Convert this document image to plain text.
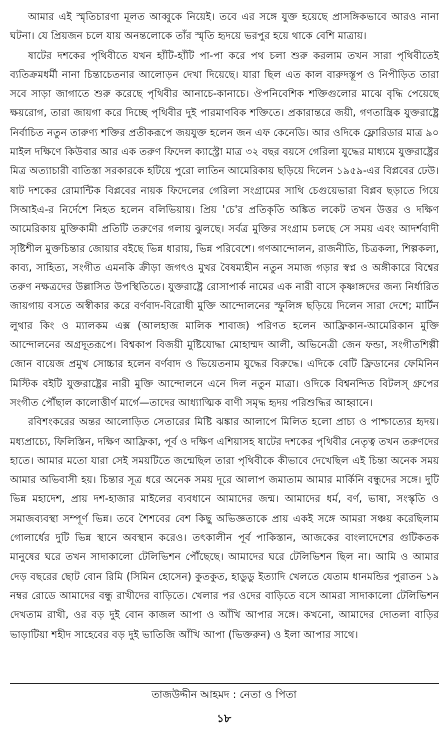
আমার এই স্মৃতিচারণা মূলত আব্বুকে নিয়েই। তবে এর সঙ্গে যুক্ত হয়েছে প্রাসঙ্গিকভাবে আরও নানা ঘটনা। যে প্রিয়জন চলে যায় অনন্তলোকে তাঁর স্মৃতি হৃদয়ে ভরপুর হয়ে থাকে বেশি মাত্রায়।

ষাটের দশকের পৃথিবীতে যখন হাঁটি-হাঁটি পা-পা করে পথ চলা শুরু করলাম তখন সারা পৃথিবীতেই ব্যতিক্রমধর্মী নানা চিন্তাচেতনার আলোড়ন দেখা দিয়েছে। যারা ছিল এত কাল বারুদস্তূপ ও নিপীড়িত তারা সবে সাড়া জাগাতে শুরু করেছে পৃথিবীর আনাচে-কানাচে। ঔপনিবেশিক শক্তিগুলোর মাঝে বৃদ্ধি পেয়েছে ক্ষয়রোগ, তারা জায়গা করে দিচ্ছে পৃথিবীর দুই পারমাণবিক শক্তিতে। প্রকারান্তরে জয়ী, গণতান্ত্রিক যুক্তরাষ্ট্রে নির্বাচিত নতুন তারুণ্য শক্তির প্রতীকরূপে জয়যুক্ত হলেন জন এফ কেনেডি। আর ওদিকে ফ্লোরিডার মাত্র ৯০ মাইল দক্ষিণে কিউবার আর এক তরুণ ফিদেল ক্যাস্ট্রো মাত্র ৩২ বছর বয়সে গেরিলা যুদ্ধের মাধ্যমে যুক্তরাষ্ট্রের মিত্র অত্যাচারী বাতিস্তা সরকারকে হটিয়ে পুরো লাতিন আমেরিকায় ছড়িয়ে দিলেন ১৯৫৯-এর বিপ্লবের ঢেউ। ষাট দশকের রোমান্টিক বিপ্লবের নায়ক ফিদেলের গেরিলা সংগ্রামের সাথি চেগুয়েভারা বিপ্লব ছড়াতে গিয়ে সিআইএ-র নির্দেশে নিহত হলেন বলিভিয়ায়। প্রিয় 'চে'র প্রতিকৃতি অঙ্কিত লকেট তখন উত্তর ও দক্ষিণ আমেরিকায় মুক্তিকামী প্রতিটি তরুণের গলায় ঝুলছে। সর্বত্র মুক্তির সংগ্রাম চলছে সে সময় এবং আদর্শবাদী সৃষ্টিশীল মুক্তচিন্তার জোয়ার বইছে ভিন্ন ধারায়, ভিন্ন পরিবেশে। গণআন্দোলন, রাজনীতি, চিত্রকলা, শিল্পকলা, কাব্য, সাহিত্য, সংগীত এমনকি ক্রীড়া জগৎও মুখর বৈষম্যহীন নতুন সমাজ গড়ার স্বপ্ন ও অঙ্গীকারে বিশ্বের তরুণ নক্ষত্রদের উল্লাসিত উপস্থিতিতে। যুক্তরাষ্ট্রে রোসাপার্ক নামের এক নারী বাসে কৃষ্ণাঙ্গদের জন্য নির্ধারিত জায়গায় বসতে অস্বীকার করে বর্ণবাদ-বিরোধী মুক্তি আন্দোলনের স্ফুলিঙ্গ ছড়িয়ে দিলেন সারা দেশে; মার্টিন লুথার কিং ও ম্যালকম এক্স (আলহাজ মালিক শাবাজ) পরিণত হলেন আফ্রিকান-আমেরিকান মুক্তি আন্দোলনের অগ্রদূতরূপে। বিশ্বকাপ বিজয়ী মুষ্টিযোদ্ধা মোহাম্মদ আলী, অভিনেত্রী জেন ফন্ডা, সংগীতশিল্পী জোন বায়েজ প্রমুখ সোচ্চার হলেন বর্ণবাদ ও ভিয়েতনাম যুদ্ধের বিরুদ্ধে। এদিকে বেটি ফ্রিডানের ফেমিনিন মিস্টিক বইটি যুক্তরাষ্ট্রের নারী মুক্তি আন্দোলনে এনে দিল নতুন মাত্রা। ওদিকে বিশ্বনন্দিত বিটলস্ গ্রুপের সংগীত পৌঁছাল কালোত্তীর্ণ মার্গে—তাদের আধ্যাত্মিক বাণী সমৃদ্ধ হৃদয় পরিশুদ্ধির আহ্বানে।

রবিশংকরের অন্তর আলোড়িত সেতারের মিষ্টি ঝঙ্কার আলাপে মিলিত হলো প্রাচ্য ও পাশ্চাত্যের হৃদয়। মধ্যপ্রাচ্যে, ফিলিস্তিন, দক্ষিণ আফ্রিকা, পূর্ব ও দক্ষিণ এশিয়াসহ ষাটের দশকের পৃথিবীর নেতৃত্ব তখন তরুণদের হাতে। আমার মতো যারা সেই সময়টিতে জন্মেছিল তারা পৃথিবীকে কীভাবে দেখেছিল এই চিন্তা অনেক সময় আমার অভিবাসী হয়। চিন্তার সূত্র ধরে অনেক সময় দূরে আলাপ জমাতাম আমার মার্কিনি বন্ধুদের সঙ্গে। দুটি ভিন্ন মহাদেশ, প্রায় দশ-হাজার মাইলের ব্যবধানে আমাদের জন্ম। আমাদের ধর্ম, বর্ণ, ভাষা, সংস্কৃতি ও সমাজব্যবস্থা সম্পূর্ণ ভিন্ন। তবে শৈশবের বেশ কিছু অভিজ্ঞতাকে প্রায় একই সঙ্গে আমরা সঞ্চয় করেছিলাম গোলার্ধের দুটি ভিন্ন স্থানে অবস্থান করেও। তৎকালীন পূর্ব পাকিস্তান, আজকের বাংলাদেশের গুটিকতক মানুষের ঘরে তখন সাদাকালো টেলিভিশন পৌঁছেছে। আমাদের ঘরে টেলিভিশন ছিল না। আমি ও আমার দেড় বছরের ছোট বোন রিমি (সিমিন হোসেন) কুতকুত, হাডুডু ইত্যাদি খেলতে যেতাম ধানমন্ডির পুরাতন ১৯ নম্বর রোডে আমাদের বন্ধু রাখীদের বাড়িতে। খেলার পর ওদের বাড়িতে বসে আমরা সাদাকালো টেলিভিশন দেখতাম রাখী, ওর বড় দুই বোন কাজল আপা ও আঁখি আপার সঙ্গে। কখনো, আমাদের দোতলা বাড়ির ভাড়াটিয়া শহীদ সাহেবের বড় দুই ভাতিজি আঁখি আপা (ভিক্তরুন) ও ইলা আপার সাথে।

তাজউদ্দীন আহমদ : নেতা ও পিতা
১৮
